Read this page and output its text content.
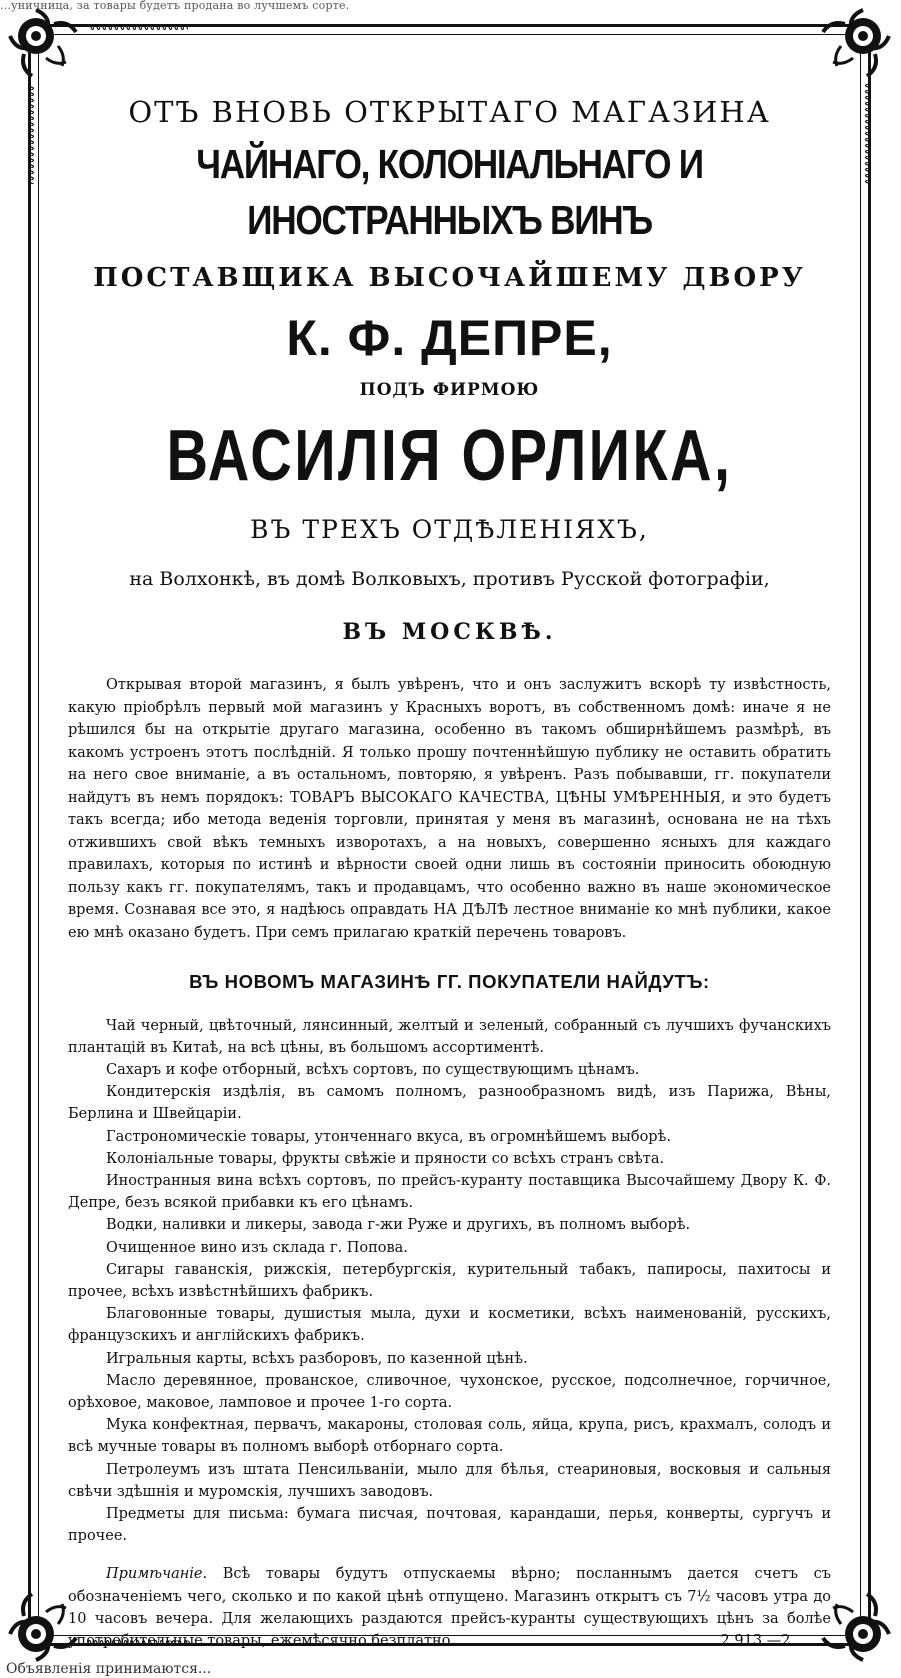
...уничница, за товары будетъ продана во лучшемъ сорте.

ОТЪ ВНОВЬ ОТКРЫТАГО МАГАЗИНА

ЧАЙНАГО, КОЛОНІАЛЬНАГО И ИНОСТРАННЫХЪ ВИНЪ

ПОСТАВЩИКА ВЫСОЧАЙШЕМУ ДВОРУ

К. Ф. ДЕПРЕ,

ПОДЪ ФИРМОЮ

ВАСИЛІЯ ОРЛИКА,

ВЪ ТРЕХЪ ОТДѢЛЕНІЯХЪ,

на Волхонкѣ, въ домѣ Волковыхъ, противъ Русской фотографіи,

ВЪ МОСКВѢ.

Открывая второй магазинъ, я былъ увѣренъ, что и онъ заслужитъ вскорѣ ту извѣстность, какую пріобрѣлъ первый мой магазинъ у Красныхъ воротъ, въ собственномъ домѣ: иначе я не рѣшился бы на открытіе другаго магазина, особенно въ такомъ обширнѣйшемъ размѣрѣ, въ какомъ устроенъ этотъ послѣдній. Я только прошу почтеннѣйшую публику не оставить обратить на него свое вниманіе, а въ остальномъ, повторяю, я увѣренъ. Разъ побывавши, гг. покупатели найдутъ въ немъ порядокъ: ТОВАРЪ ВЫСОКАГО КАЧЕСТВА, ЦѢНЫ УМѢРЕННЫЯ, и это будетъ такъ всегда; ибо метода веденія торговли, принятая у меня въ магазинѣ, основана не на тѣхъ отжившихъ свой вѣкъ темныхъ изворотахъ, а на новыхъ, совершенно ясныхъ для каждаго правилахъ, которыя по истинѣ и вѣрности своей одни лишь въ состояніи приносить обоюдную пользу какъ гг. покупателямъ, такъ и продавцамъ, что особенно важно въ наше экономическое время. Сознавая все это, я надѣюсь оправдать НА ДѢЛѢ лестное вниманіе ко мнѣ публики, какое ею мнѣ оказано будетъ. При семъ прилагаю краткій перечень товаровъ.

ВЪ НОВОМЪ МАГАЗИНѢ ГГ. ПОКУПАТЕЛИ НАЙДУТЪ:

Чай черный, цвѣточный, лянсинный, желтый и зеленый, собранный съ лучшихъ фучанскихъ плантацій въ Китаѣ, на всѣ цѣны, въ большомъ ассортиментѣ.

Сахаръ и кофе отборный, всѣхъ сортовъ, по существующимъ цѣнамъ.

Кондитерскія издѣлія, въ самомъ полномъ, разнообразномъ видѣ, изъ Парижа, Вѣны, Берлина и Швейцаріи.

Гастрономическіе товары, утонченнаго вкуса, въ огромнѣйшемъ выборѣ.

Колоніальные товары, фрукты свѣжіе и пряности со всѣхъ странъ свѣта.

Иностранныя вина всѣхъ сортовъ, по прейсъ-куранту поставщика Высочайшему Двору К. Ф. Депре, безъ всякой прибавки къ его цѣнамъ.

Водки, наливки и ликеры, завода г-жи Руже и другихъ, въ полномъ выборѣ.

Очищенное вино изъ склада г. Попова.

Сигары гаванскія, рижскія, петербургскія, курительный табакъ, папиросы, пахитосы и прочее, всѣхъ извѣстнѣйшихъ фабрикъ.

Благовонные товары, душистыя мыла, духи и косметики, всѣхъ наименованій, русскихъ, французскихъ и англійскихъ фабрикъ.

Игральныя карты, всѣхъ разборовъ, по казенной цѣнѣ.

Масло деревянное, прованское, сливочное, чухонское, русское, подсолнечное, горчичное, орѣховое, маковое, ламповое и прочее 1-го сорта.

Мука конфектная, первачъ, макароны, столовая соль, яйца, крупа, рисъ, крахмалъ, солодъ и всѣ мучные товары въ полномъ выборѣ отборнаго сорта.

Петролеумъ изъ штата Пенсильваніи, мыло для бѣлья, стеариновыя, восковыя и сальныя свѣчи здѣшнія и муромскія, лучшихъ заводовъ.

Предметы для письма: бумага писчая, почтовая, карандаши, перья, конверты, сургучъ и прочее.

Примѣчаніе. Всѣ товары будутъ отпускаемы вѣрно; посланнымъ дается счетъ съ обозначеніемъ чего, сколько и по какой цѣнѣ отпущено. Магазинъ открытъ съ 7½ часовъ утра до 10 часовъ вечера. Для желающихъ раздаются прейсъ-куранты существующихъ цѣнъ за болѣе употребительные товары, ежемѣсячно безплатно.	2.913.—2.

Объявленія принимаются...
